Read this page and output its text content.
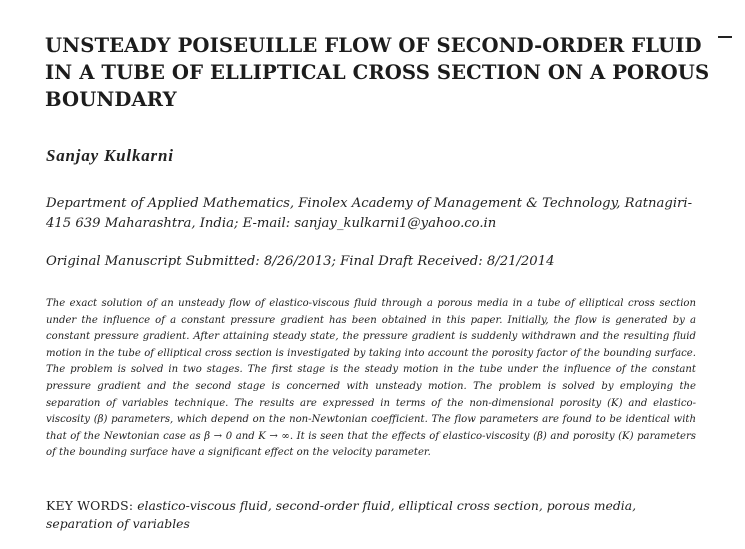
UNSTEADY POISEUILLE FLOW OF SECOND-ORDER FLUID IN A TUBE OF ELLIPTICAL CROSS SECTION ON A POROUS BOUNDARY

Sanjay Kulkarni

Department of Applied Mathematics, Finolex Academy of Management & Technology, Ratnagiri-415 639 Maharashtra, India; E-mail: sanjay_kulkarni1@yahoo.co.in

Original Manuscript Submitted: 8/26/2013; Final Draft Received: 8/21/2014

The exact solution of an unsteady flow of elastico-viscous fluid through a porous media in a tube of elliptical cross section under the influence of a constant pressure gradient has been obtained in this paper. Initially, the flow is generated by a constant pressure gradient. After attaining steady state, the pressure gradient is suddenly withdrawn and the resulting fluid motion in the tube of elliptical cross section is investigated by taking into account the porosity factor of the bounding surface. The problem is solved in two stages. The first stage is the steady motion in the tube under the influence of the constant pressure gradient and the second stage is concerned with unsteady motion. The problem is solved by employing the separation of variables technique. The results are expressed in terms of the non-dimensional porosity (K) and elastico-viscosity (β) parameters, which depend on the non-Newtonian coefficient. The flow parameters are found to be identical with that of the Newtonian case as β → 0 and K → ∞. It is seen that the effects of elastico-viscosity (β) and porosity (K) parameters of the bounding surface have a significant effect on the velocity parameter.

KEY WORDS: elastico-viscous fluid, second-order fluid, elliptical cross section, porous media, separation of variables
